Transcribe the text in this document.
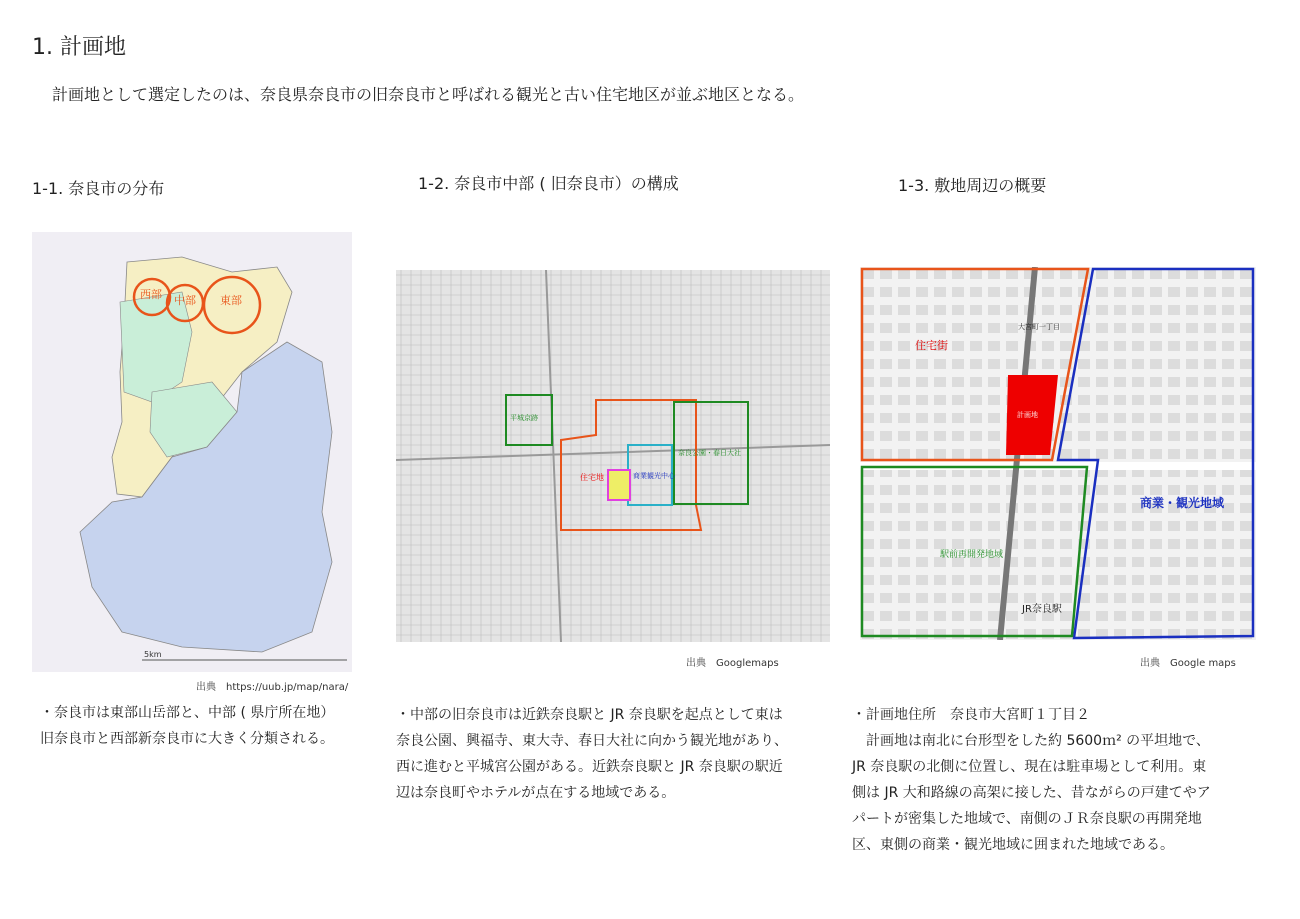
1. 計画地
計画地として選定したのは、奈良県奈良市の旧奈良市と呼ばれる観光と古い住宅地区が並ぶ地区となる。
1-1. 奈良市の分布
西部 中部 東部
5km
出典　https://uub.jp/map/nara/
・奈良市は東部山岳部と、中部 ( 県庁所在地）
旧奈良市と西部新奈良市に大きく分類される。
1-2. 奈良市中部 ( 旧奈良市）の構成
住宅地
奈良公園・春日大社
平城京跡
商業観光中心
出典　Googlemaps
・中部の旧奈良市は近鉄奈良駅と JR 奈良駅を起点として東は
奈良公園、興福寺、東大寺、春日大社に向かう観光地があり、
西に進むと平城宮公園がある。近鉄奈良駅と JR 奈良駅の駅近
辺は奈良町やホテルが点在する地域である。
1-3. 敷地周辺の概要
計画地
住宅街
商業・観光地域
駅前再開発地域
JR奈良駅
大宮町一丁目
出典　Google maps
・計画地住所　奈良市大宮町１丁目２
　計画地は南北に台形型をした約 5600ｍ² の平坦地で、
JR 奈良駅の北側に位置し、現在は駐車場として利用。東
側は JR 大和路線の高架に接した、昔ながらの戸建てやア
パートが密集した地域で、南側のＪＲ奈良駅の再開発地
区、東側の商業・観光地域に囲まれた地域である。
